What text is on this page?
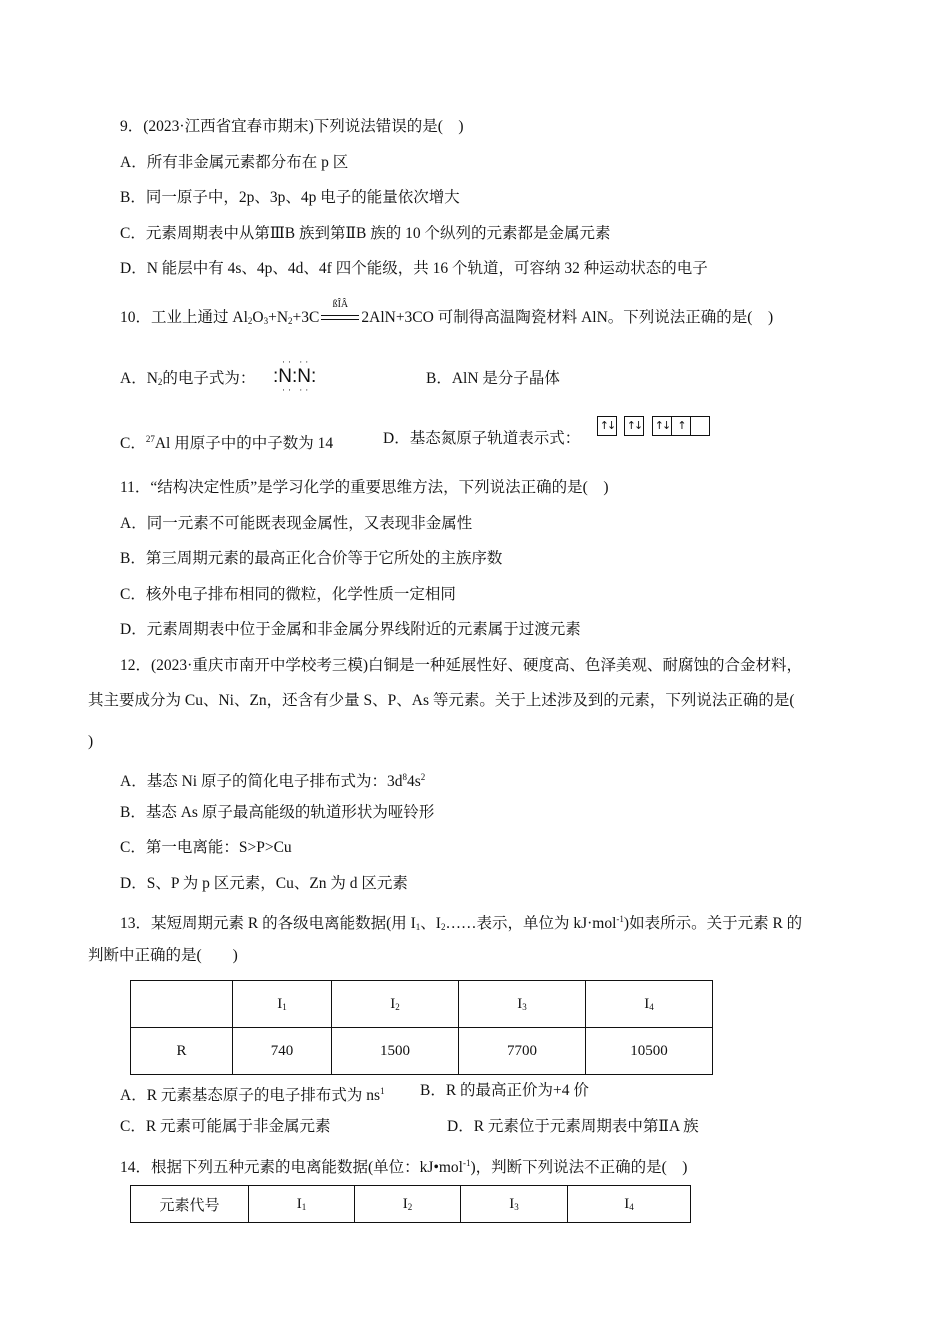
9．(2023·江西省宜春市期末)下列说法错误的是(　)
A．所有非金属元素都分布在 p 区
B．同一原子中，2p、3p、4p 电子的能量依次增大
C．元素周期表中从第ⅢB 族到第ⅡB 族的 10 个纵列的元素都是金属元素
D．N 能层中有 4s、4p、4d、4f 四个能级，共 16 个轨道，可容纳 32 种运动状态的电子
10．工业上通过 $Al_2O_3+N_2+3C$
ßÎÂ
2AlN+3CO 可制得高温陶瓷材料 AlN。下列说法正确的是(　)
A．$N_2$的电子式为：
·· ··
:N:N:
·· ··
B．AlN 是分子晶体
C．$^{27}$Al 用原子中的中子数为 14	D．基态氮原子轨道表示式：
↑↓ ↑↓ ↑↓ ↑
11．“结构决定性质”是学习化学的重要思维方法，下列说法正确的是(　)
A．同一元素不可能既表现金属性，又表现非金属性
B．第三周期元素的最高正化合价等于它所处的主族序数
C．核外电子排布相同的微粒，化学性质一定相同
D．元素周期表中位于金属和非金属分界线附近的元素属于过渡元素
12．(2023·重庆市南开中学校考三模)白铜是一种延展性好、硬度高、色泽美观、耐腐蚀的合金材料，
其主要成分为 Cu、Ni、Zn，还含有少量 S、P、As 等元素。关于上述涉及到的元素，下列说法正确的是(
)
A．基态 Ni 原子的简化电子排布式为：$3d^84s^2$
B．基态 As 原子最高能级的轨道形状为哑铃形
C．第一电离能：S>P>Cu
D．S、P 为 p 区元素，Cu、Zn 为 d 区元素
13．某短周期元素 R 的各级电离能数据(用 $I_1$、$I_2\dots\dots$表示，单位为 kJ·mol$^{-1}$)如表所示。关于元素 R 的
判断中正确的是(　　)
	$I_1$	$I_2$	$I_3$	$I_4$
R	740	1500	7700	10500
A．R 元素基态原子的电子排布式为 $ns^1$ B．R 的最高正价为+4 价
C．R 元素可能属于非金属元素	D．R 元素位于元素周期表中第ⅡA 族
14．根据下列五种元素的电离能数据(单位：kJ•mol$^{-1}$)，判断下列说法不正确的是(　)
元素代号	$I_1$	$I_2$	$I_3$	$I_4$
